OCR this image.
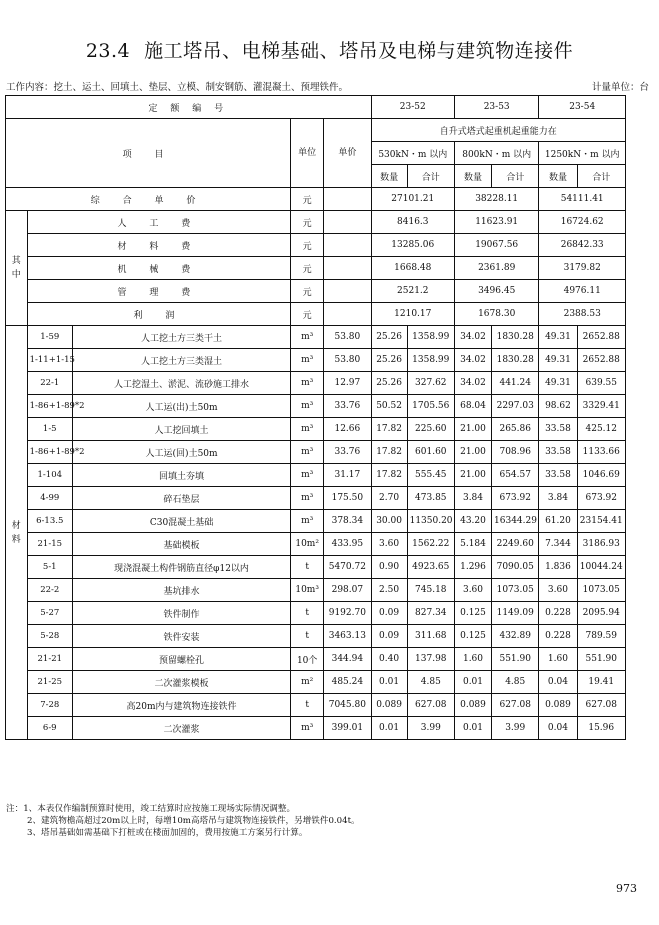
23.4 施工塔吊、电梯基础、塔吊及电梯与建筑物连接件
工作内容：挖土、运土、回填土、垫层、立模、制安钢筋、灌混凝土、预埋铁件。	计量单位：台
定 额 编 号					23-52		23-53		23-54	
项 目			单位	单价	自升式塔式起重机起重能力在					
					530kN・m 以内		800kN・m 以内		1250kN・m 以内	
					数量	合计	数量	合计	数量	合计
综 合 单 价			元		27101.21		38228.11		54111.41	
其中	人 工 费		元		8416.3		11623.91		16724.62	
	材 料 费		元		13285.06		19067.56		26842.33	
	机 械 费		元		1668.48		2361.89		3179.82	
	管 理 费		元		2521.2		3496.45		4976.11	
	利 润		元		1210.17		1678.30		2388.53	
材料	1-59	人工挖土方三类干土	m³	53.80	25.26	1358.99	34.02	1830.28	49.31	2652.88
	1-11+1-15	人工挖土方三类湿土	m³	53.80	25.26	1358.99	34.02	1830.28	49.31	2652.88
	22-1	人工挖湿土、淤泥、流砂施工排水	m³	12.97	25.26	327.62	34.02	441.24	49.31	639.55
	1-86+1-89*2	人工运(出)土50m	m³	33.76	50.52	1705.56	68.04	2297.03	98.62	3329.41
	1-5	人工挖回填土	m³	12.66	17.82	225.60	21.00	265.86	33.58	425.12
	1-86+1-89*2	人工运(回)土50m	m³	33.76	17.82	601.60	21.00	708.96	33.58	1133.66
	1-104	回填土夯填	m³	31.17	17.82	555.45	21.00	654.57	33.58	1046.69
	4-99	碎石垫层	m³	175.50	2.70	473.85	3.84	673.92	3.84	673.92
	6-13.5	C30混凝土基础	m³	378.34	30.00	11350.20	43.20	16344.29	61.20	23154.41
	21-15	基础模板	10m²	433.95	3.60	1562.22	5.184	2249.60	7.344	3186.93
	5-1	现浇混凝土构件钢筋直径φ12以内	t	5470.72	0.90	4923.65	1.296	7090.05	1.836	10044.24
	22-2	基坑排水	10m³	298.07	2.50	745.18	3.60	1073.05	3.60	1073.05
	5-27	铁件制作	t	9192.70	0.09	827.34	0.125	1149.09	0.228	2095.94
	5-28	铁件安装	t	3463.13	0.09	311.68	0.125	432.89	0.228	789.59
	21-21	预留螺栓孔	10个	344.94	0.40	137.98	1.60	551.90	1.60	551.90
	21-25	二次灌浆模板	m²	485.24	0.01	4.85	0.01	4.85	0.04	19.41
	7-28	高20m内与建筑物连接铁件	t	7045.80	0.089	627.08	0.089	627.08	0.089	627.08
	6-9	二次灌浆	m³	399.01	0.01	3.99	0.01	3.99	0.04	15.96
注：1、本表仅作编制预算时使用，竣工结算时应按施工现场实际情况调整。
2、建筑物檐高超过20m以上时，每增10m高塔吊与建筑物连接铁件，另增铁件0.04t。
3、塔吊基础如需基础下打桩或在楼面加固的，费用按施工方案另行计算。
973
